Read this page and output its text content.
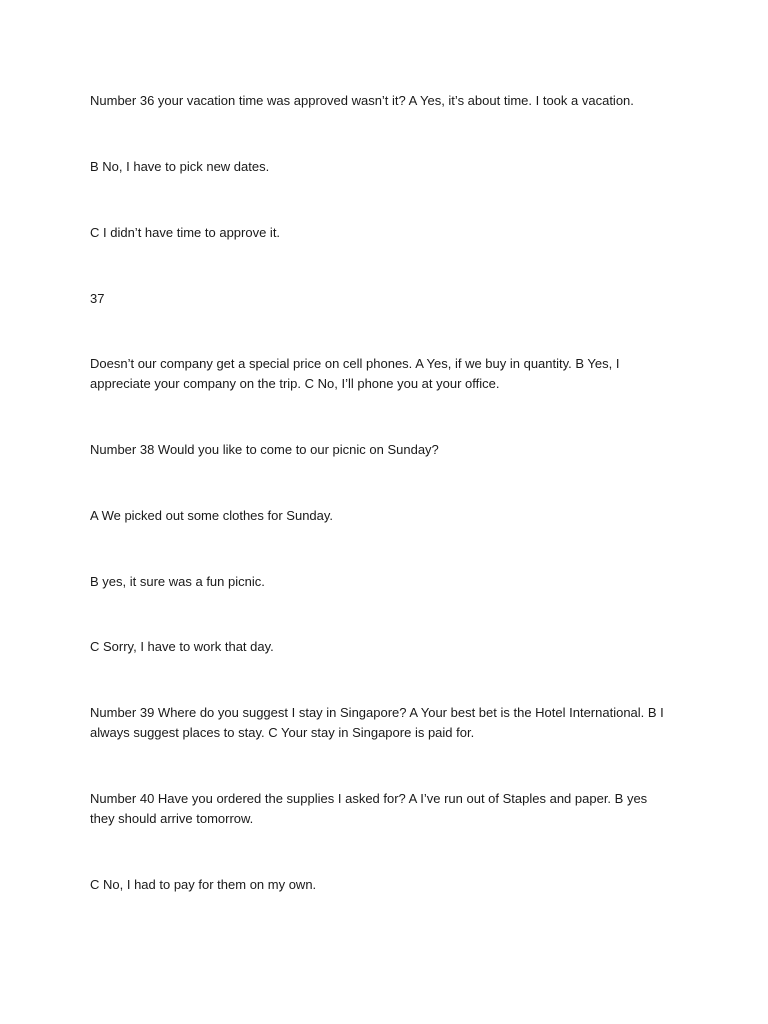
Number 36 your vacation time was approved wasn’t it? A Yes, it’s about time. I took a vacation.

B No, I have to pick new dates.

C I didn’t have time to approve it.

37

Doesn’t our company get a special price on cell phones. A Yes, if we buy in quantity. B Yes, I appreciate your company on the trip. C No, I’ll phone you at your office.

Number 38 Would you like to come to our picnic on Sunday?

A We picked out some clothes for Sunday.

B yes, it sure was a fun picnic.

C Sorry, I have to work that day.

Number 39 Where do you suggest I stay in Singapore? A Your best bet is the Hotel International. B I always suggest places to stay. C Your stay in Singapore is paid for.

Number 40 Have you ordered the supplies I asked for? A I’ve run out of Staples and paper. B yes they should arrive tomorrow.

C No, I had to pay for them on my own.
